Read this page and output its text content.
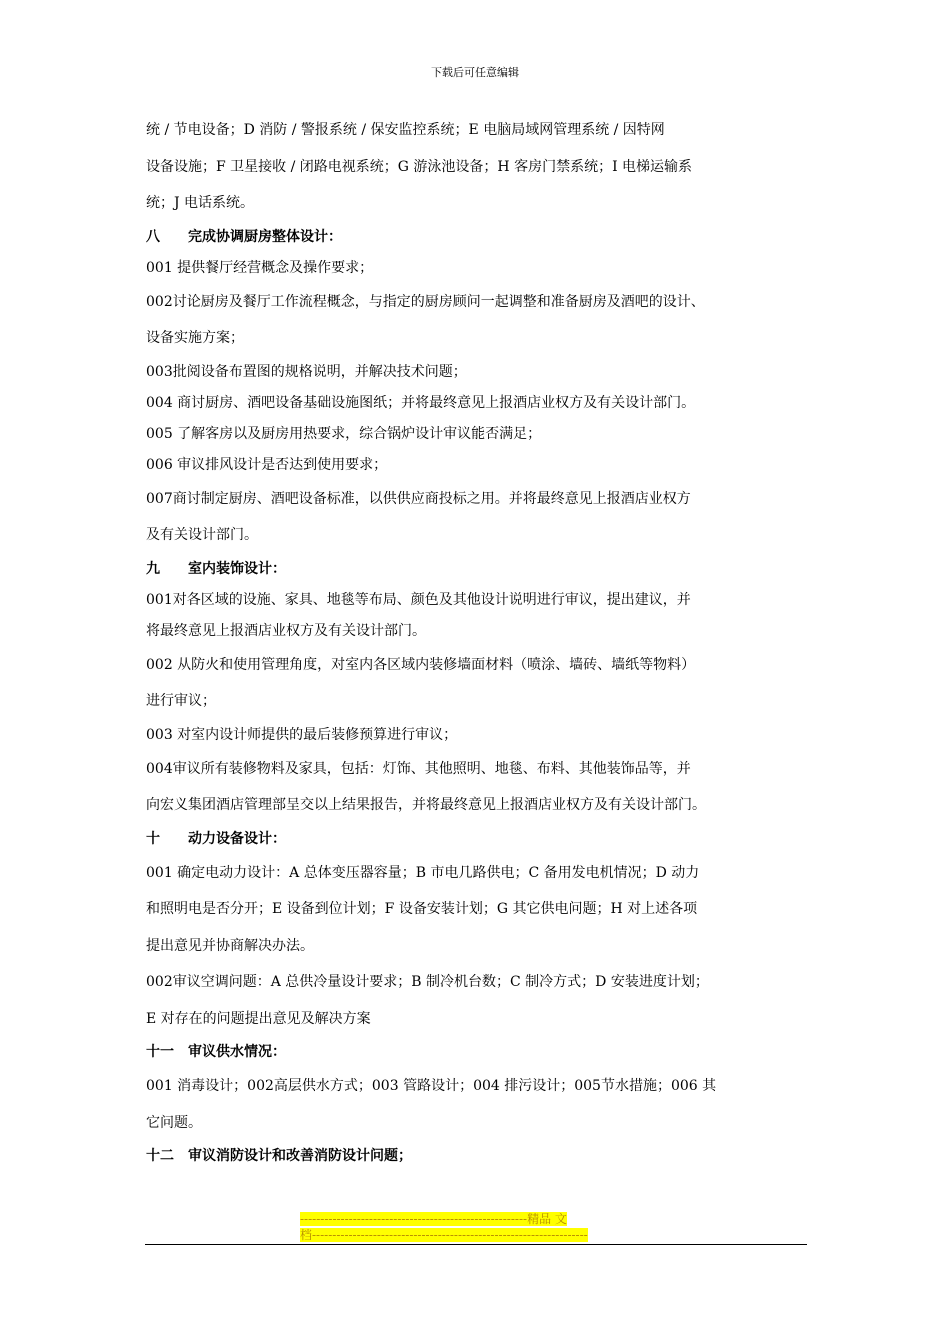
下载后可任意编辑
统 / 节电设备；D 消防 / 警报系统 / 保安监控系统；E 电脑局域网管理系统 / 因特网
设备设施；F 卫星接收 / 闭路电视系统；G 游泳池设备；H 客房门禁系统；I 电梯运输系
统；J 电话系统。
八 完成协调厨房整体设计：
001 提供餐厅经营概念及操作要求；
002讨论厨房及餐厅工作流程概念，与指定的厨房顾问一起调整和准备厨房及酒吧的设计、
设备实施方案；
003批阅设备布置图的规格说明，并解决技术问题；
004 商讨厨房、酒吧设备基础设施图纸；并将最终意见上报酒店业权方及有关设计部门。
005 了解客房以及厨房用热要求，综合锅炉设计审议能否满足；
006 审议排风设计是否达到使用要求；
007商讨制定厨房、酒吧设备标准，以供供应商投标之用。并将最终意见上报酒店业权方
及有关设计部门。
九 室内装饰设计：
001对各区域的设施、家具、地毯等布局、颜色及其他设计说明进行审议，提出建议，并
将最终意见上报酒店业权方及有关设计部门。
002 从防火和使用管理角度，对室内各区域内装修墙面材料（喷涂、墙砖、墙纸等物料）
进行审议；
003 对室内设计师提供的最后装修预算进行审议；
004审议所有装修物料及家具，包括：灯饰、其他照明、地毯、布料、其他装饰品等，并
向宏义集团酒店管理部呈交以上结果报告，并将最终意见上报酒店业权方及有关设计部门。
十 动力设备设计：
001 确定电动力设计：A 总体变压器容量；B 市电几路供电；C 备用发电机情况；D 动力
和照明电是否分开；E 设备到位计划；F 设备安装计划；G 其它供电问题；H 对上述各项
提出意见并协商解决办法。
002审议空调问题：A 总供冷量设计要求；B 制冷机台数；C 制冷方式；D 安装进度计划；
E 对存在的问题提出意见及解决方案
十一 审议供水情况：
001 消毒设计；002高层供水方式；003 管路设计；004 排污设计；005节水措施；006 其
它问题。
十二 审议消防设计和改善消防设计问题；
--------------------------------------------------------精品 文
档--------------------------------------------------------------------
